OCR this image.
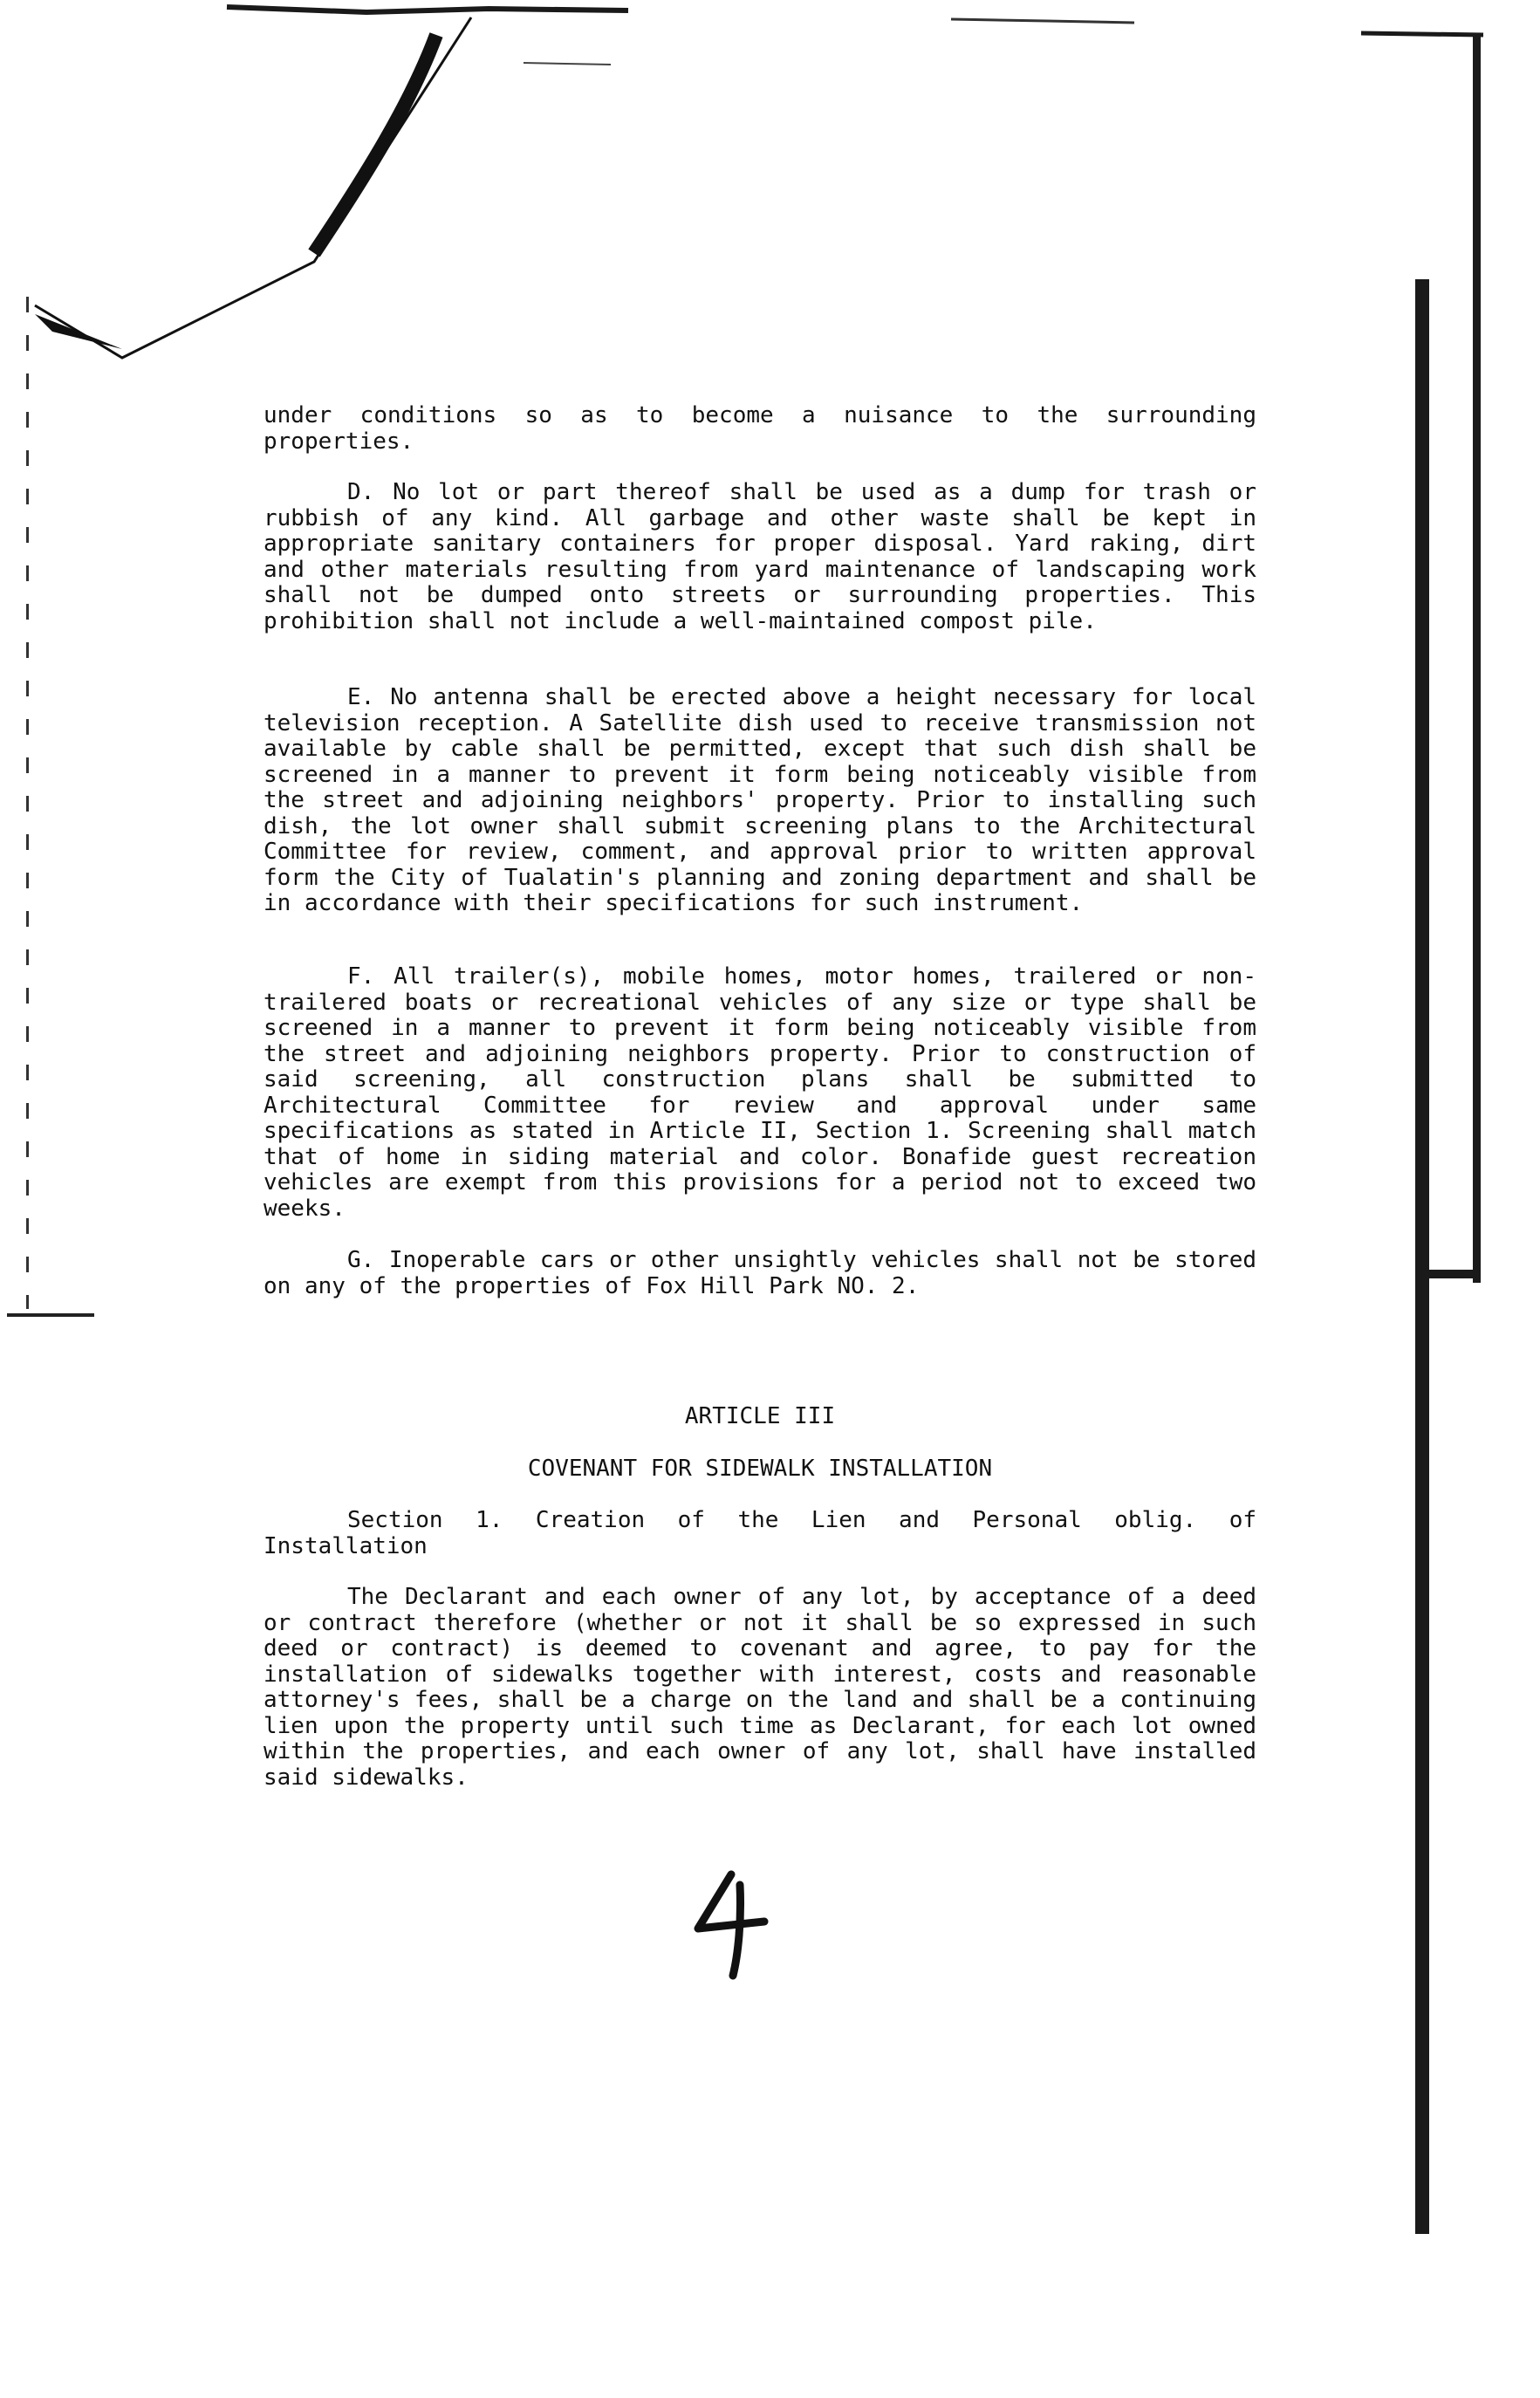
under conditions so as to become a nuisance to the surrounding properties.

D. No lot or part thereof shall be used as a dump for trash or rubbish of any kind. All garbage and other waste shall be kept in appropriate sanitary containers for proper disposal. Yard raking, dirt and other materials resulting from yard maintenance of landscaping work shall not be dumped onto streets or surrounding properties. This prohibition shall not include a well-maintained compost pile.

E. No antenna shall be erected above a height necessary for local television reception. A Satellite dish used to receive transmission not available by cable shall be permitted, except that such dish shall be screened in a manner to prevent it form being noticeably visible from the street and adjoining neighbors' property. Prior to installing such dish, the lot owner shall submit screening plans to the Architectural Committee for review, comment, and approval prior to written approval form the City of Tualatin's planning and zoning department and shall be in accordance with their specifications for such instrument.

F. All trailer(s), mobile homes, motor homes, trailered or non-trailered boats or recreational vehicles of any size or type shall be screened in a manner to prevent it form being noticeably visible from the street and adjoining neighbors property. Prior to construction of said screening, all construction plans shall be submitted to Architectural Committee for review and approval under same specifications as stated in Article II, Section 1. Screening shall match that of home in siding material and color. Bonafide guest recreation vehicles are exempt from this provisions for a period not to exceed two weeks.

G. Inoperable cars or other unsightly vehicles shall not be stored on any of the properties of Fox Hill Park NO. 2.

ARTICLE III
COVENANT FOR SIDEWALK INSTALLATION

Section 1. Creation of the Lien and Personal oblig. of Installation

The Declarant and each owner of any lot, by acceptance of a deed or contract therefore (whether or not it shall be so expressed in such deed or contract) is deemed to covenant and agree, to pay for the installation of sidewalks together with interest, costs and reasonable attorney's fees, shall be a charge on the land and shall be a continuing lien upon the property until such time as Declarant, for each lot owned within the properties, and each owner of any lot, shall have installed said sidewalks.
